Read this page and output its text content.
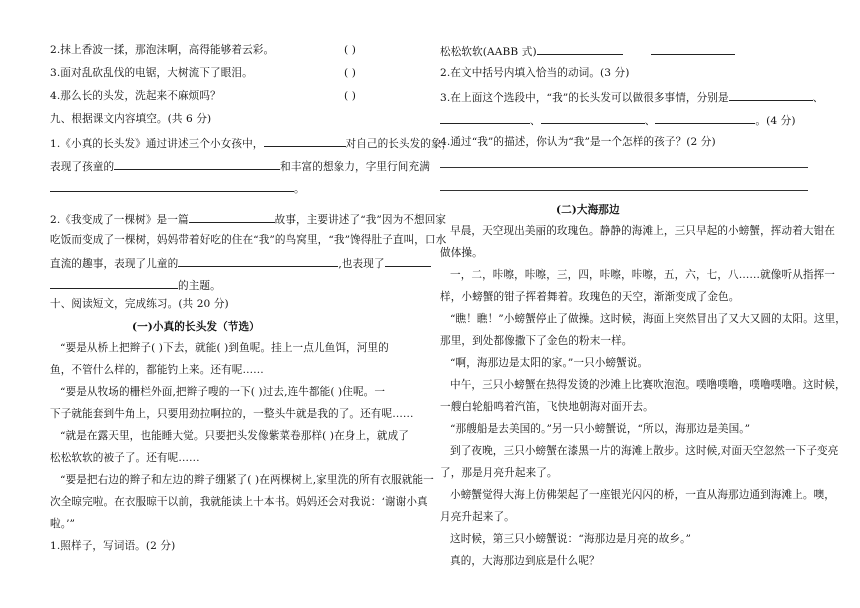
2.抹上香波一揉，那泡沫啊，高得能够着云彩。	( )
3.面对乱砍乱伐的电锯，大树流下了眼泪。	( )
4.那么长的头发，洗起来不麻烦吗？	( )
九、根据课文内容填空。(共 6 分)
1.《小真的长头发》通过讲述三个小女孩中，	对自己的长头发的象，
表现了孩童的	和丰富的想象力，字里行间充满
。
2.《我变成了一棵树》是一篇	故事，主要讲述了“我”因为不想回家
吃饭而变成了一棵树，妈妈带着好吃的住在“我”的鸟窝里，“我”馋得肚子直叫，口水
直流的趣事，表现了儿童的	,也表现了
的主题。
十、阅读短文，完成练习。(共 20 分)
(一)小真的长头发（节选）
“要是从桥上把辫子( )下去，就能( )到鱼呢。挂上一点儿鱼饵，河里的
鱼，不管什么样的，都能钓上来。还有呢……
“要是从牧场的栅栏外面,把辫子嗖的一下( )过去,连牛都能( )住呢。一
下子就能套到牛角上，只要用劲拉啊拉的，一整头牛就是我的了。还有呢……
“就是在露天里，也能睡大觉。只要把头发像紫菜卷那样( )在身上，就成了
松松软软的被子了。还有呢……
“要是把右边的辫子和左边的辫子绷紧了( )在两棵树上,家里洗的所有衣服就能一
次全晾完啦。在衣服晾干以前，我就能读上十本书。妈妈还会对我说：‘谢谢小真
啦。’”
1.照样子，写词语。(2 分)
松松软软(AABB 式)
2.在文中括号内填入恰当的动词。(3 分)
3.在上面这个选段中，“我”的长头发可以做很多事情，分别是	、
、	、	。(4 分)
4.通过“我”的描述，你认为“我”是一个怎样的孩子？(2 分)
(二)大海那边
早晨，天空现出美丽的玫瑰色。静静的海滩上，三只早起的小螃蟹，挥动着大钳在
做体操。
一，二，咔嚓，咔嚓，三，四，咔嚓，咔嚓，五，六，七，八……就像听从指挥一
样，小螃蟹的钳子挥着舞着。玫瑰色的天空，渐渐变成了金色。
“瞧！瞧！”小螃蟹停止了做操。这时候，海面上突然冒出了又大又圆的太阳。这里，
那里，到处都像撒下了金色的粉末一样。
“啊，海那边是太阳的家。”一只小螃蟹说。
中午，三只小螃蟹在热得发烫的沙滩上比赛吹泡泡。噗噜噗噜，噗噜噗噜。这时候，
一艘白轮船鸣着汽笛，飞快地朝海对面开去。
“那艘船是去美国的。”另一只小螃蟹说，“所以，海那边是美国。”
到了夜晚，三只小螃蟹在漆黑一片的海滩上散步。这时候,对面天空忽然一下子变亮
了，那是月亮升起来了。
小螃蟹觉得大海上仿佛架起了一座银光闪闪的桥，一直从海那边通到海滩上。噢，
月亮升起来了。
这时候，第三只小螃蟹说：“海那边是月亮的故乡。”
真的，大海那边到底是什么呢？
